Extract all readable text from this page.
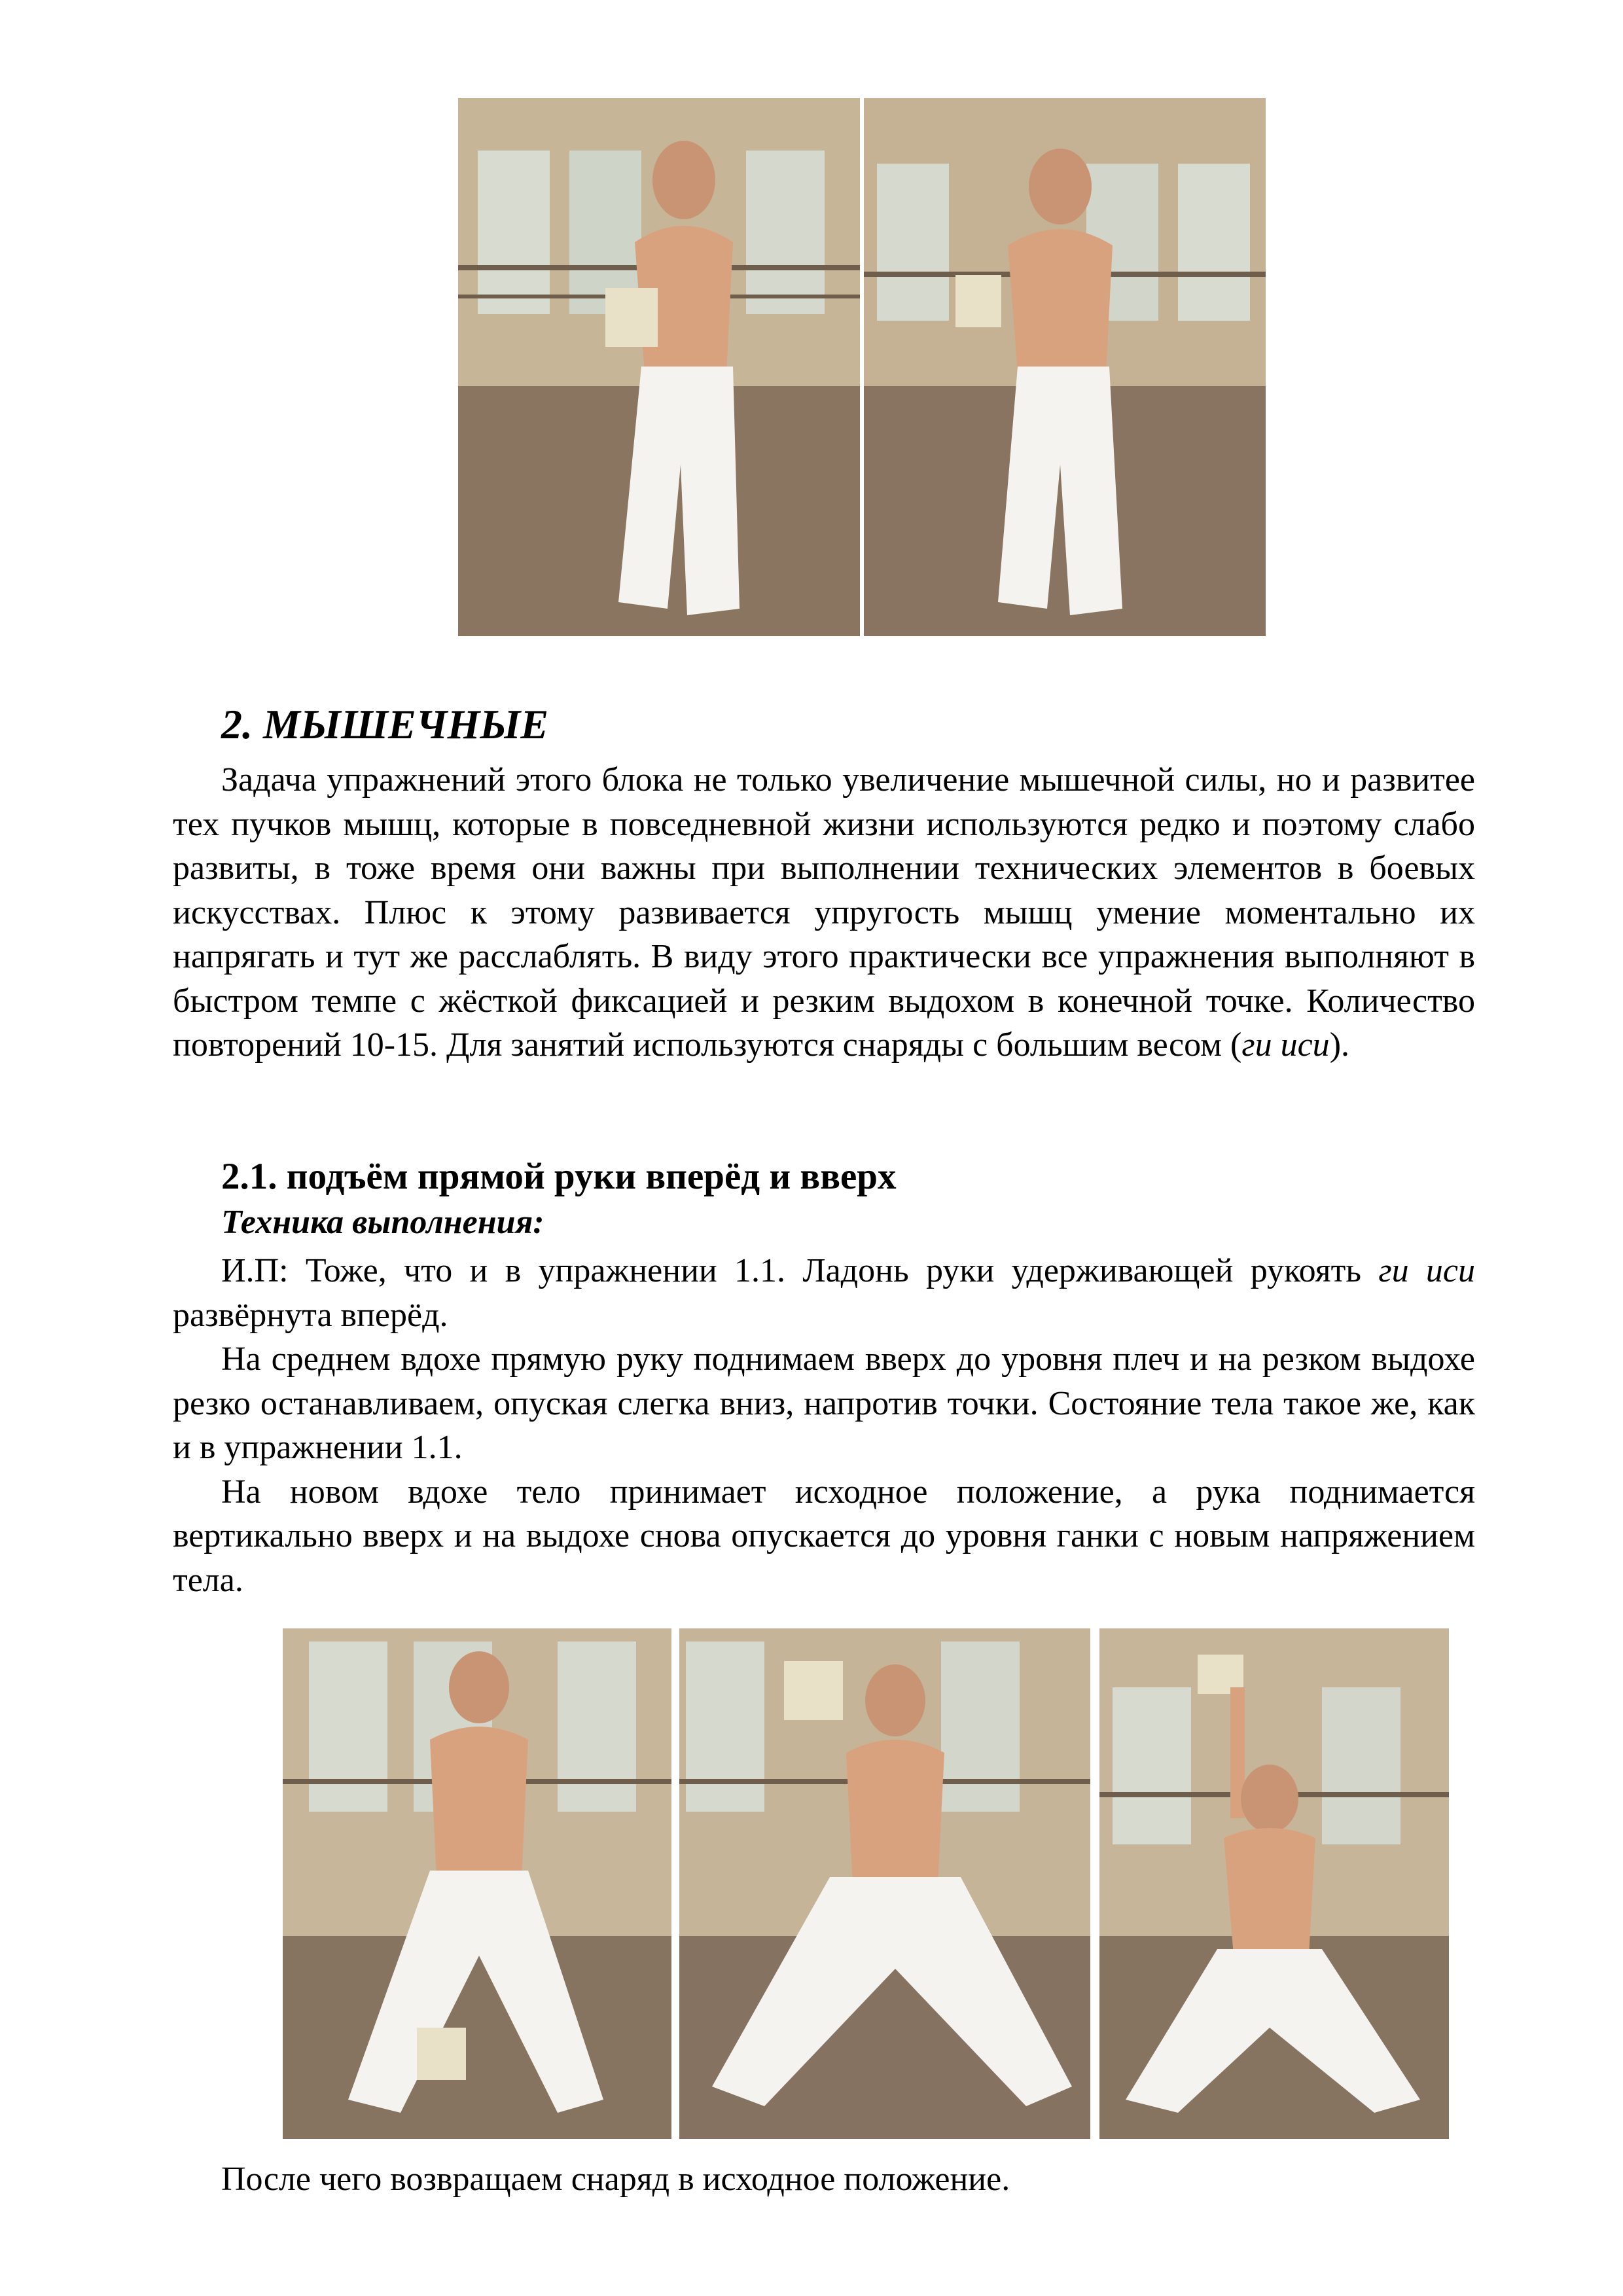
2. МЫШЕЧНЫЕ

Задача упражнений этого блока не только увеличение мышечной силы, но и развитее тех пучков мышц, которые в повседневной жизни используются редко и поэтому слабо развиты, в тоже время они важны при выполнении технических элементов в боевых искусствах. Плюс к этому развивается упругость мышц умение моментально их напрягать и тут же расслаблять. В виду этого практически все упражнения выполняют в быстром темпе с жёсткой фиксацией и резким выдохом в конечной точке. Количество повторений 10-15. Для занятий используются снаряды с большим весом (ги иси).

2.1. подъём прямой руки вперёд и вверх
Техника выполнения:

И.П: Тоже, что и в упражнении 1.1. Ладонь руки удерживающей рукоять ги иси развёрнута вперёд.

На среднем вдохе прямую руку поднимаем вверх до уровня плеч и на резком выдохе резко останавливаем, опуская слегка вниз, напротив точки. Состояние тела такое же, как и в упражнении 1.1.

На новом вдохе тело принимает исходное положение, а рука поднимается вертикально вверх и на выдохе снова опускается до уровня ганки с новым напряжением тела.

После чего возвращаем снаряд в исходное положение.
